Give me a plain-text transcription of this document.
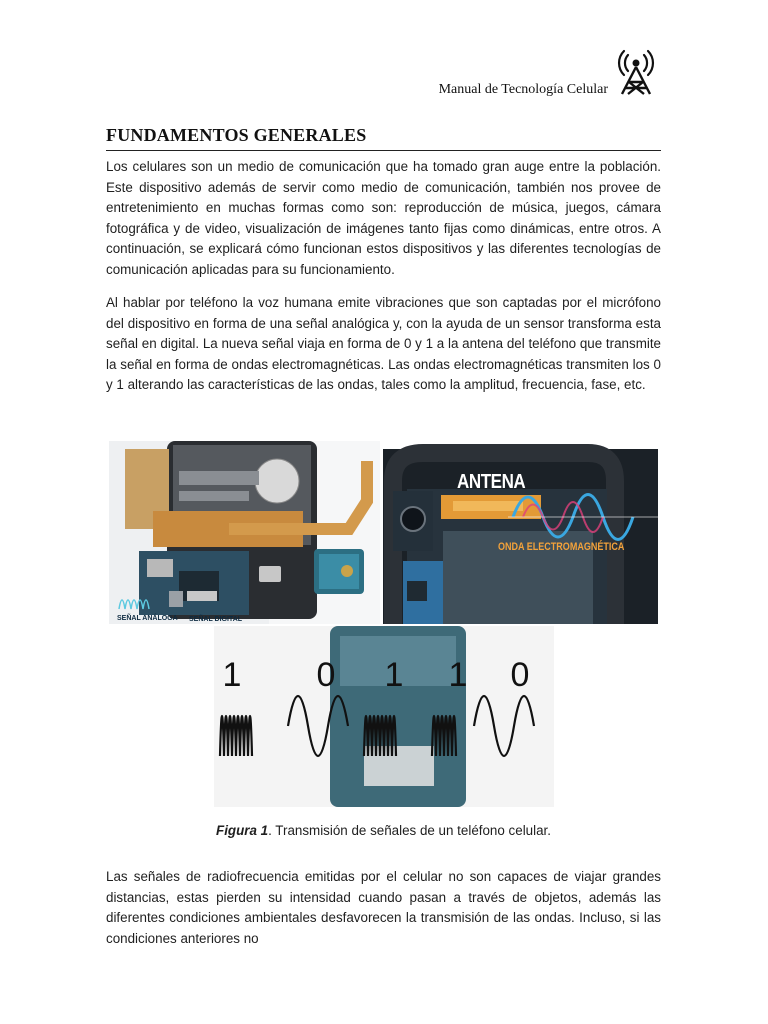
Manual de Tecnología Celular
FUNDAMENTOS GENERALES

Los celulares son un medio de comunicación que ha tomado gran auge entre la población. Este dispositivo además de servir como medio de comunicación, también nos provee de entretenimiento en muchas formas como son: reproducción de música, juegos, cámara fotográfica y de video, visualización de imágenes tanto fijas como dinámicas, entre otros. A continuación, se explicará cómo funcionan estos dispositivos y las diferentes tecnologías de comunicación aplicadas para su funcionamiento.

Al hablar por teléfono la voz humana emite vibraciones que son captadas por el micrófono del dispositivo en forma de una señal analógica y, con la ayuda de un sensor transforma esta señal en digital. La nueva señal viaja en forma de 0 y 1 a la antena del teléfono que transmite la señal en forma de ondas electromagnéticas. Las ondas electromagnéticas transmiten los 0 y 1 alterando las características de las ondas, tales como la amplitud, frecuencia, fase, etc.

SEÑAL ANÁLOGA SEÑAL DIGITAL
ANTENA
ONDA ELECTROMAGNÉTICA
1 0 1 1 0
Figura 1. Transmisión de señales de un teléfono celular.

Las señales de radiofrecuencia emitidas por el celular no son capaces de viajar grandes distancias, estas pierden su intensidad cuando pasan a través de objetos, además las diferentes condiciones ambientales desfavorecen la transmisión de las ondas. Incluso, si las condiciones anteriores no
